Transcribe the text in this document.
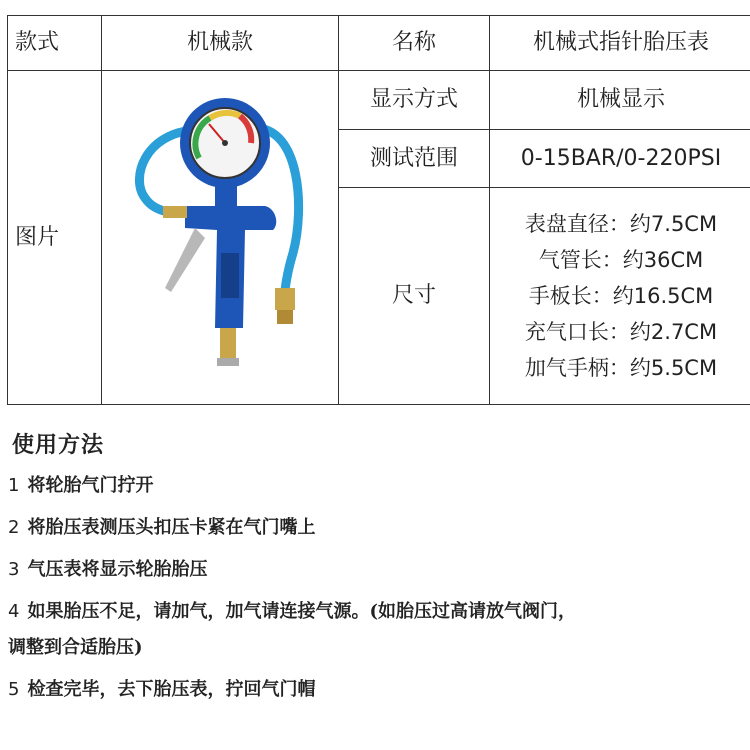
款式	机械款	名称	机械式指针胎压表
图片		显示方式	机械显示
		测试范围	0-15BAR/0-220PSI
		尺寸	表盘直径：约7.5CM
气管长：约36CM
手板长：约16.5CM
充气口长：约2.7CM
加气手柄：约5.5CM
使用方法
1 将轮胎气门拧开
2 将胎压表测压头扣压卡紧在气门嘴上
3 气压表将显示轮胎胎压
4 如果胎压不足，请加气，加气请连接气源。(如胎压过高请放气阀门，
调整到合适胎压)
5 检查完毕，去下胎压表，拧回气门帽
